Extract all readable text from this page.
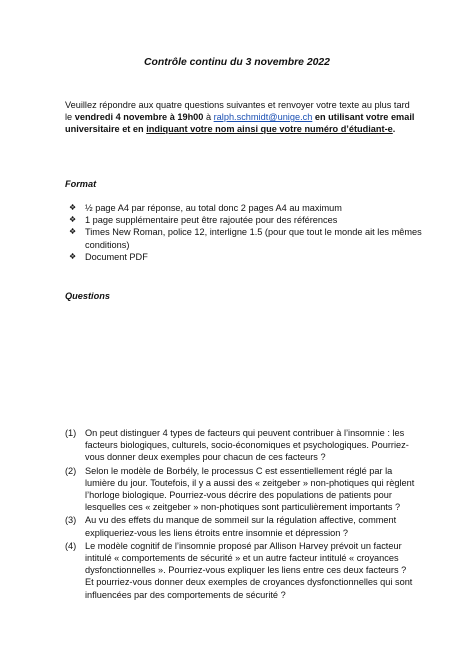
Contrôle continu du 3 novembre 2022
Veuillez répondre aux quatre questions suivantes et renvoyer votre texte au plus tard le vendredi 4 novembre à 19h00 à ralph.schmidt@unige.ch en utilisant votre email universitaire et en indiquant votre nom ainsi que votre numéro d’étudiant-e.
Format
❖ ½ page A4 par réponse, au total donc 2 pages A4 au maximum
❖ 1 page supplémentaire peut être rajoutée pour des références
❖ Times New Roman, police 12, interligne 1.5 (pour que tout le monde ait les mêmes conditions)
❖ Document PDF
Questions
(1) On peut distinguer 4 types de facteurs qui peuvent contribuer à l’insomnie : les facteurs biologiques, culturels, socio-économiques et psychologiques. Pourriez-vous donner deux exemples pour chacun de ces facteurs ?
(2) Selon le modèle de Borbély, le processus C est essentiellement réglé par la lumière du jour. Toutefois, il y a aussi des « zeitgeber » non-photiques qui règlent l’horloge biologique. Pourriez-vous décrire des populations de patients pour lesquelles ces « zeitgeber » non-photiques sont particulièrement importants ?
(3) Au vu des effets du manque de sommeil sur la régulation affective, comment expliqueriez-vous les liens étroits entre insomnie et dépression ?
(4) Le modèle cognitif de l’insomnie proposé par Allison Harvey prévoit un facteur intitulé « comportements de sécurité » et un autre facteur intitulé « croyances dysfonctionnelles ». Pourriez-vous expliquer les liens entre ces deux facteurs ? Et pourriez-vous donner deux exemples de croyances dysfonctionnelles qui sont influencées par des comportements de sécurité ?
